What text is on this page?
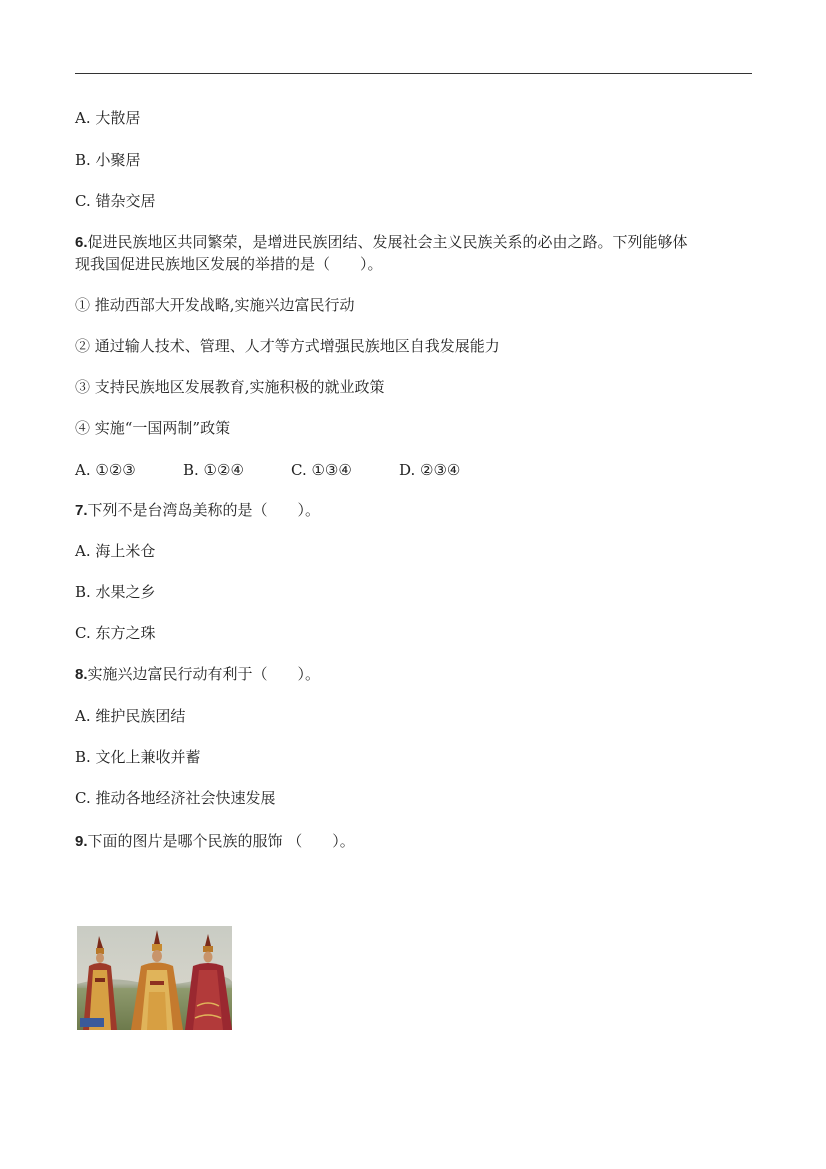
A. 大散居
B. 小聚居
C. 错杂交居
6.促进民族地区共同繁荣，是增进民族团结、发展社会主义民族关系的必由之路。下列能够体
现我国促进民族地区发展的举措的是（　　）。
① 推动西部大开发战略,实施兴边富民行动
② 通过输人技术、管理、人才等方式增强民族地区自我发展能力
③ 支持民族地区发展教育,实施积极的就业政策
④ 实施“一国两制”政策
A. ①②③	B. ①②④	C. ①③④	D. ②③④
7.下列不是台湾岛美称的是（　　）。
A. 海上米仓
B. 水果之乡
C. 东方之珠
8.实施兴边富民行动有利于（　　）。
A. 维护民族团结
B. 文化上兼收并蓄
C. 推动各地经济社会快速发展
9.下面的图片是哪个民族的服饰 （　　）。
